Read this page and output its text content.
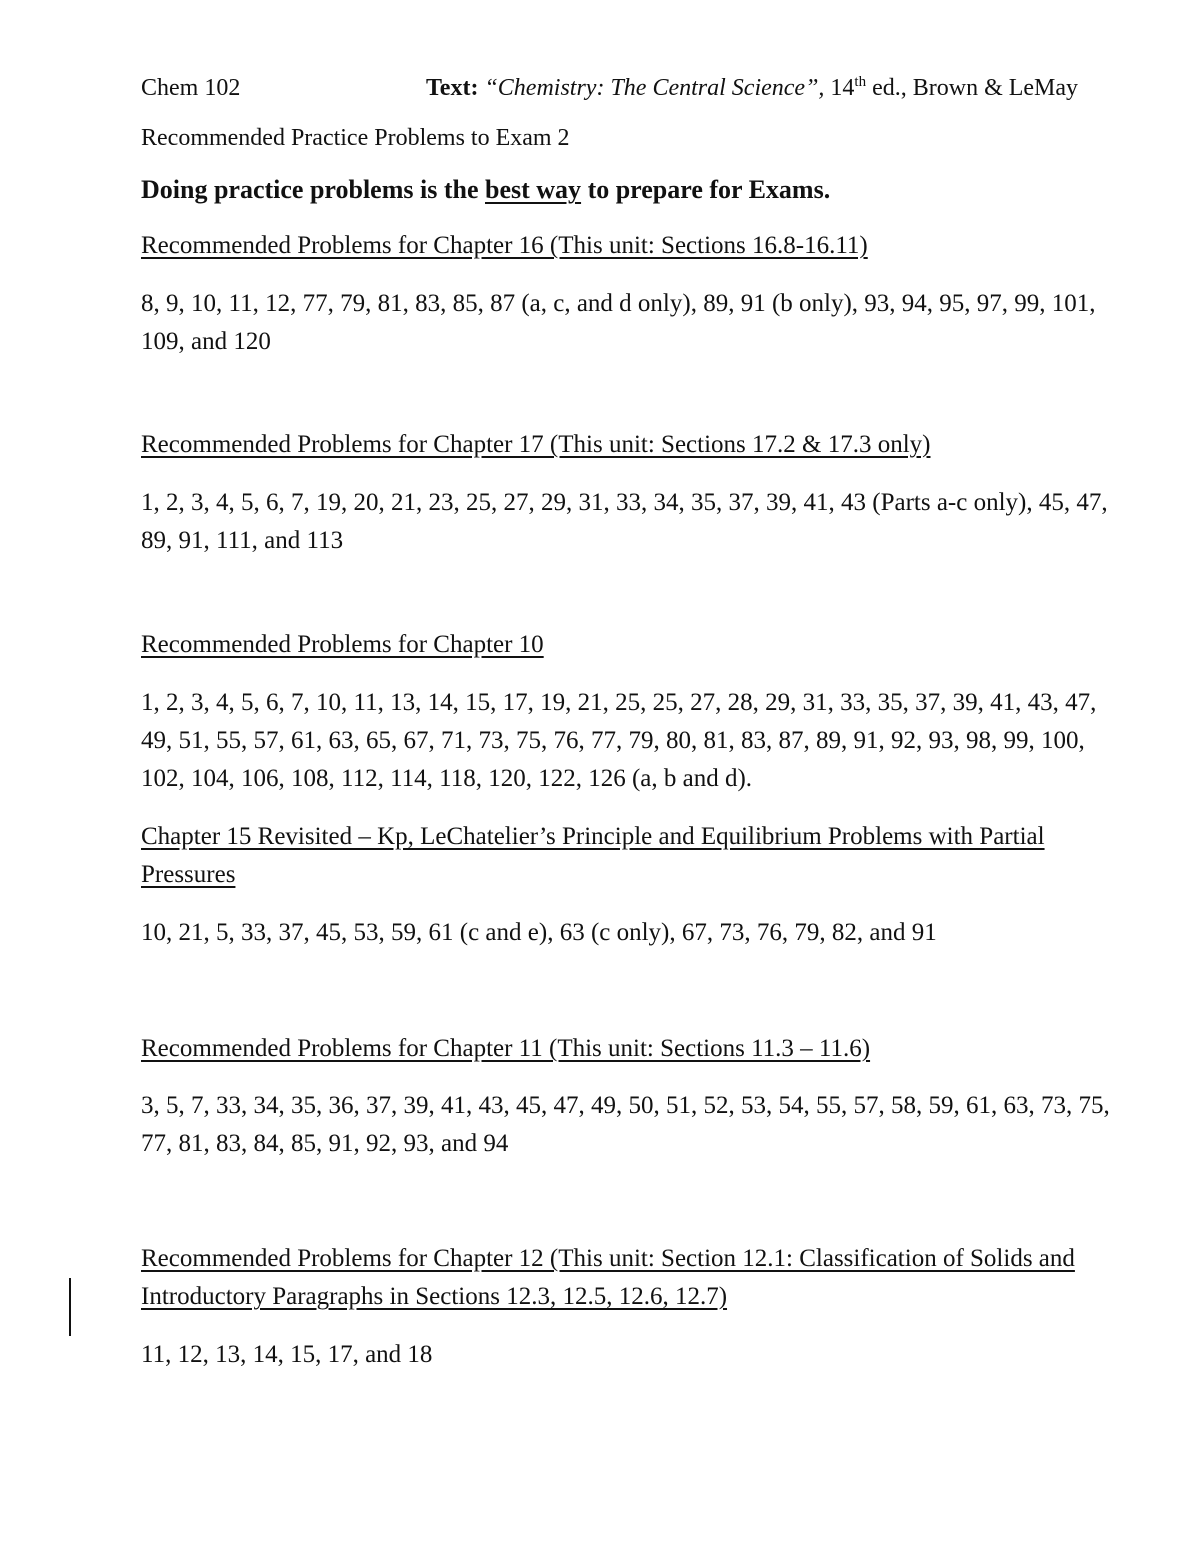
Chem 102	Text: “Chemistry: The Central Science”, 14th ed., Brown & LeMay
Recommended Practice Problems to Exam 2
Doing practice problems is the best way to prepare for Exams.
Recommended Problems for Chapter 16 (This unit: Sections 16.8-16.11)
8, 9, 10, 11, 12, 77, 79, 81, 83, 85, 87 (a, c, and d only), 89, 91 (b only), 93, 94, 95, 97, 99, 101, 109, and 120
Recommended Problems for Chapter 17 (This unit: Sections 17.2 & 17.3 only)
1, 2, 3, 4, 5, 6, 7, 19, 20, 21, 23, 25, 27, 29, 31, 33, 34, 35, 37, 39, 41, 43 (Parts a-c only), 45, 47, 89, 91, 111, and 113
Recommended Problems for Chapter 10
1, 2, 3, 4, 5, 6, 7, 10, 11, 13, 14, 15, 17, 19, 21, 25, 25, 27, 28, 29, 31, 33, 35, 37, 39, 41, 43, 47, 49, 51, 55, 57, 61, 63, 65, 67, 71, 73, 75, 76, 77, 79, 80, 81, 83, 87, 89, 91, 92, 93, 98, 99, 100, 102, 104, 106, 108, 112, 114, 118, 120, 122, 126 (a, b and d).
Chapter 15 Revisited – Kp, LeChatelier’s Principle and Equilibrium Problems with Partial Pressures
10, 21, 5, 33, 37, 45, 53, 59, 61 (c and e), 63 (c only), 67, 73, 76, 79, 82, and 91
Recommended Problems for Chapter 11 (This unit: Sections 11.3 – 11.6)
3, 5, 7, 33, 34, 35, 36, 37, 39, 41, 43, 45, 47, 49, 50, 51, 52, 53, 54, 55, 57, 58, 59, 61, 63, 73, 75, 77, 81, 83, 84, 85, 91, 92, 93, and 94
Recommended Problems for Chapter 12 (This unit: Section 12.1: Classification of Solids and Introductory Paragraphs in Sections 12.3, 12.5, 12.6, 12.7)
11, 12, 13, 14, 15, 17, and 18
